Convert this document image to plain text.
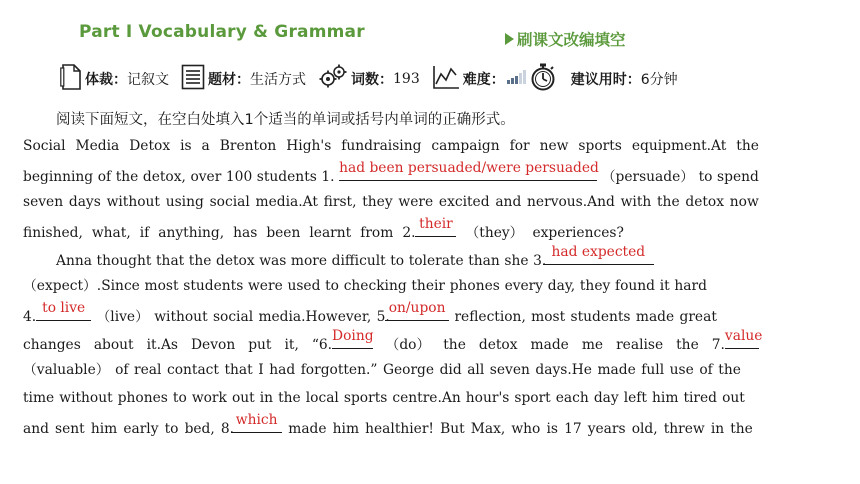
Part Ⅰ Vocabulary & Grammar	刷课文改编填空
体裁： 记叙文	题材： 生活方式	词数： 193	难度：	建议用时： 6分钟
阅读下面短文，在空白处填入1个适当的单词或括号内单词的正确形式。
Social Media Detox is a Brenton High's fundraising campaign for new sports equipment.At the
beginning of the detox, over 100 students 1.
had been persuaded/were persuaded
（persuade） to spend
seven days without using social media.At first, they were excited and nervous.And with the detox now
finished, what, if anything, has been learnt from 2.
their
（they） experiences?
Anna thought that the detox was more difficult to tolerate than she 3.
had expected
（expect）.Since most students were used to checking their phones every day, they found it hard
4.
to live
（live） without social media.However, 5.
on/upon
reflection, most students made great
changes about it.As Devon put it, “6.
Doing
（do） the detox made me realise the 7.
value
（valuable） of real contact that I had forgotten.” George did all seven days.He made full use of the
time without phones to work out in the local sports centre.An hour's sport each day left him tired out
and sent him early to bed, 8.
which
made him healthier! But Max, who is 17 years old, threw in the
